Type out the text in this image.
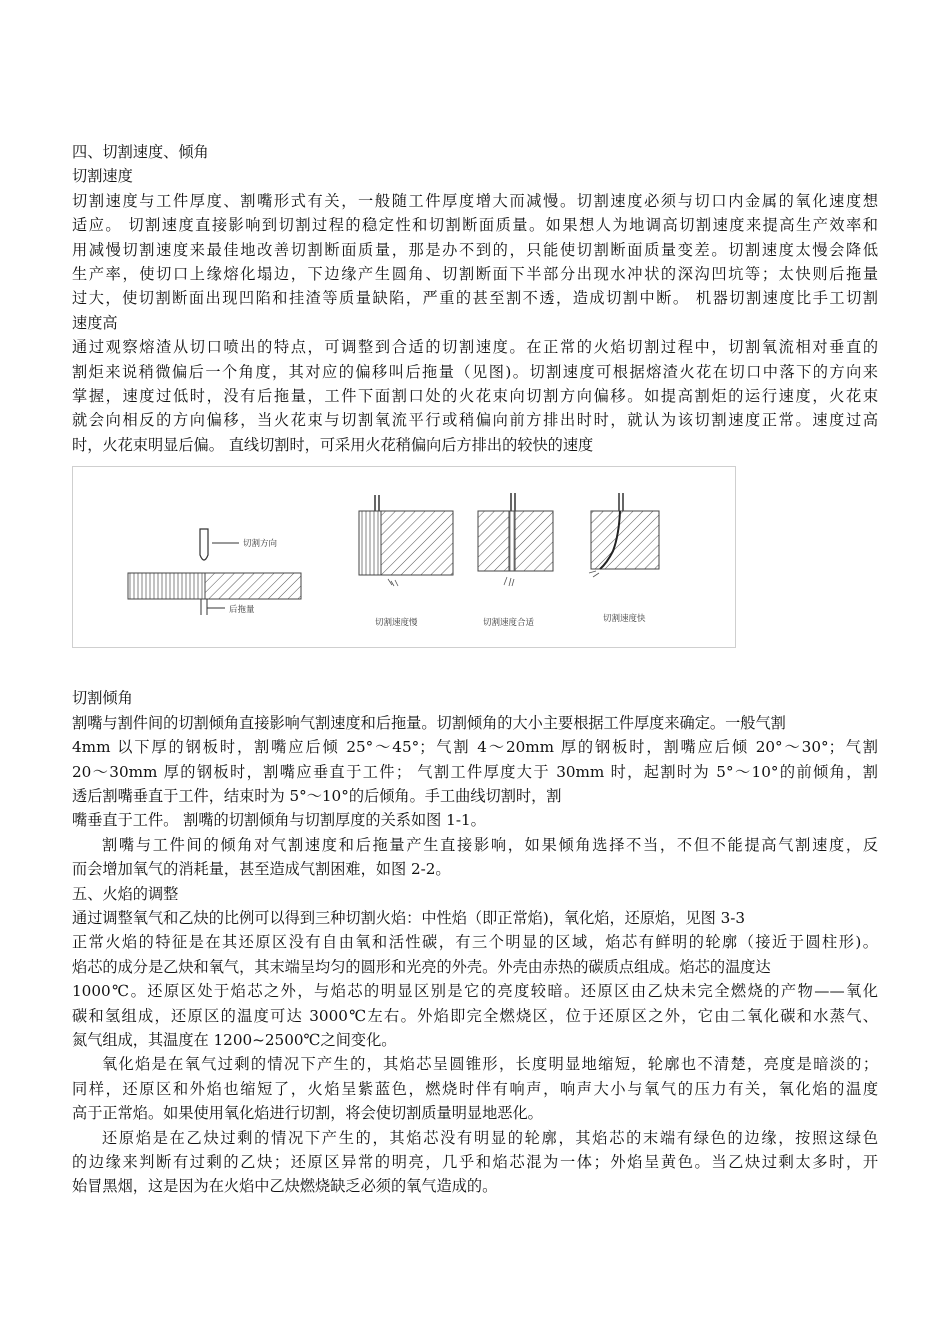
四、切割速度、倾角
切割速度
切割速度与工件厚度、割嘴形式有关，一般随工件厚度增大而减慢。切割速度必须与切口内金属的氧化速度想
适应。 切割速度直接影响到切割过程的稳定性和切割断面质量。如果想人为地调高切割速度来提高生产效率和
用减慢切割速度来最佳地改善切割断面质量，那是办不到的，只能使切割断面质量变差。切割速度太慢会降低
生产率，使切口上缘熔化塌边，下边缘产生圆角、切割断面下半部分出现水冲状的深沟凹坑等；太快则后拖量
过大，使切割断面出现凹陷和挂渣等质量缺陷，严重的甚至割不透，造成切割中断。 机器切割速度比手工切割
速度高
通过观察熔渣从切口喷出的特点，可调整到合适的切割速度。在正常的火焰切割过程中，切割氧流相对垂直的
割炬来说稍微偏后一个角度，其对应的偏移叫后拖量（见图)。切割速度可根据熔渣火花在切口中落下的方向来
掌握，速度过低时，没有后拖量，工件下面割口处的火花束向切割方向偏移。如提高割炬的运行速度，火花束
就会向相反的方向偏移，当火花束与切割氧流平行或稍偏向前方排出时时，就认为该切割速度正常。速度过高
时，火花束明显后偏。 直线切割时，可采用火花稍偏向后方排出的较快的速度
切割方向
后拖量
切割速度慢	切割速度合适	切割速度快
切割倾角
割嘴与割件间的切割倾角直接影响气割速度和后拖量。切割倾角的大小主要根据工件厚度来确定。一般气割
4mm 以下厚的钢板时，割嘴应后倾 25°～45°；气割 4～20mm 厚的钢板时，割嘴应后倾 20°～30°；气割
20～30mm 厚的钢板时，割嘴应垂直于工件； 气割工件厚度大于 30mm 时，起割时为 5°～10°的前倾角，割
透后割嘴垂直于工件，结束时为 5°～10°的后倾角。手工曲线切割时，割
嘴垂直于工件。 割嘴的切割倾角与切割厚度的关系如图 1-1。
割嘴与工件间的倾角对气割速度和后拖量产生直接影响，如果倾角选择不当，不但不能提高气割速度，反
而会增加氧气的消耗量，甚至造成气割困难，如图 2-2。
五、火焰的调整
通过调整氧气和乙炔的比例可以得到三种切割火焰：中性焰（即正常焰)，氧化焰，还原焰，见图 3-3
正常火焰的特征是在其还原区没有自由氧和活性碳，有三个明显的区域，焰芯有鲜明的轮廓（接近于圆柱形)。
焰芯的成分是乙炔和氧气，其末端呈均匀的圆形和光亮的外壳。外壳由赤热的碳质点组成。焰芯的温度达
1000℃。还原区处于焰芯之外，与焰芯的明显区别是它的亮度较暗。还原区由乙炔未完全燃烧的产物——氧化
碳和氢组成，还原区的温度可达 3000℃左右。外焰即完全燃烧区，位于还原区之外，它由二氧化碳和水蒸气、
氮气组成，其温度在 1200~2500℃之间变化。
氧化焰是在氧气过剩的情况下产生的，其焰芯呈圆锥形，长度明显地缩短，轮廓也不清楚，亮度是暗淡的；
同样，还原区和外焰也缩短了，火焰呈紫蓝色，燃烧时伴有响声，响声大小与氧气的压力有关，氧化焰的温度
高于正常焰。如果使用氧化焰进行切割，将会使切割质量明显地恶化。
还原焰是在乙炔过剩的情况下产生的，其焰芯没有明显的轮廓，其焰芯的末端有绿色的边缘，按照这绿色
的边缘来判断有过剩的乙炔；还原区异常的明亮，几乎和焰芯混为一体；外焰呈黄色。当乙炔过剩太多时，开
始冒黑烟，这是因为在火焰中乙炔燃烧缺乏必须的氧气造成的。
